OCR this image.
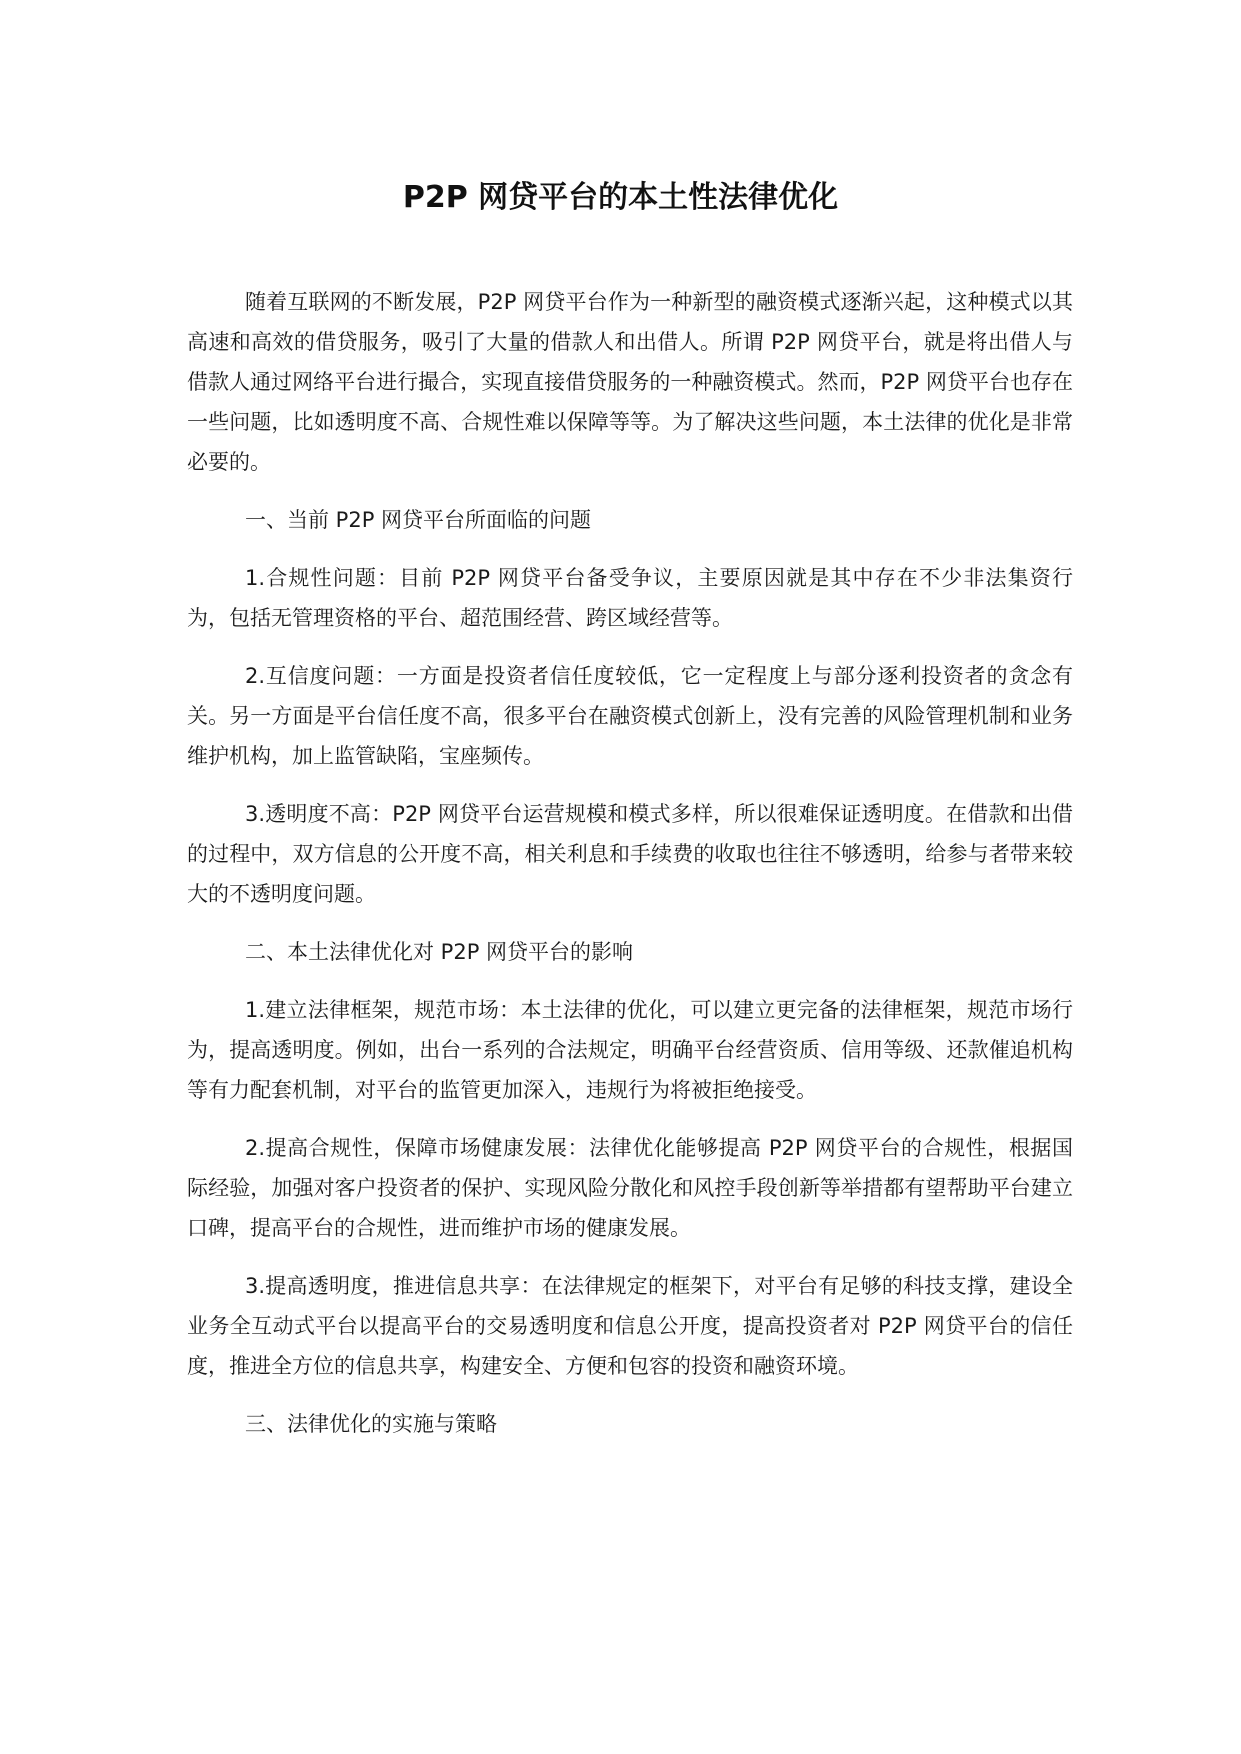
P2P 网贷平台的本土性法律优化

随着互联网的不断发展，P2P 网贷平台作为一种新型的融资模式逐渐兴起，这种模式以其高速和高效的借贷服务，吸引了大量的借款人和出借人。所谓 P2P 网贷平台，就是将出借人与借款人通过网络平台进行撮合，实现直接借贷服务的一种融资模式。然而，P2P 网贷平台也存在一些问题，比如透明度不高、合规性难以保障等等。为了解决这些问题，本土法律的优化是非常必要的。

一、当前 P2P 网贷平台所面临的问题

1.合规性问题：目前 P2P 网贷平台备受争议，主要原因就是其中存在不少非法集资行为，包括无管理资格的平台、超范围经营、跨区域经营等。

2.互信度问题：一方面是投资者信任度较低，它一定程度上与部分逐利投资者的贪念有关。另一方面是平台信任度不高，很多平台在融资模式创新上，没有完善的风险管理机制和业务维护机构，加上监管缺陷，宝座频传。

3.透明度不高：P2P 网贷平台运营规模和模式多样，所以很难保证透明度。在借款和出借的过程中，双方信息的公开度不高，相关利息和手续费的收取也往往不够透明，给参与者带来较大的不透明度问题。

二、本土法律优化对 P2P 网贷平台的影响

1.建立法律框架，规范市场：本土法律的优化，可以建立更完备的法律框架，规范市场行为，提高透明度。例如，出台一系列的合法规定，明确平台经营资质、信用等级、还款催追机构等有力配套机制，对平台的监管更加深入，违规行为将被拒绝接受。

2.提高合规性，保障市场健康发展：法律优化能够提高 P2P 网贷平台的合规性，根据国际经验，加强对客户投资者的保护、实现风险分散化和风控手段创新等举措都有望帮助平台建立口碑，提高平台的合规性，进而维护市场的健康发展。

3.提高透明度，推进信息共享：在法律规定的框架下，对平台有足够的科技支撑，建设全业务全互动式平台以提高平台的交易透明度和信息公开度，提高投资者对 P2P 网贷平台的信任度，推进全方位的信息共享，构建安全、方便和包容的投资和融资环境。

三、法律优化的实施与策略
